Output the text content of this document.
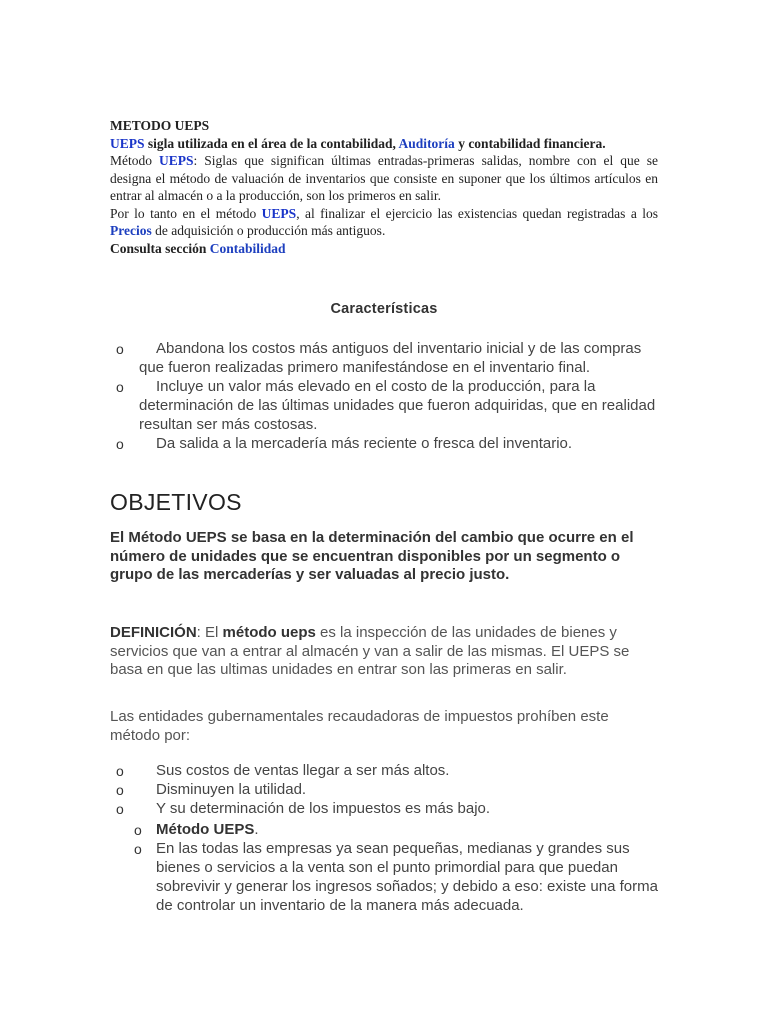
METODO UEPS

UEPS sigla utilizada en el área de la contabilidad, Auditoría y contabilidad financiera.

Método UEPS: Siglas que significan últimas entradas-primeras salidas, nombre con el que se designa el método de valuación de inventarios que consiste en suponer que los últimos artículos en entrar al almacén o a la producción, son los primeros en salir.

Por lo tanto en el método UEPS, al finalizar el ejercicio las existencias quedan registradas a los Precios de adquisición o producción más antiguos.

Consulta sección Contabilidad

Características
o	Abandona los costos más antiguos del inventario inicial y de las compras que fueron realizadas primero manifestándose en el inventario final.
o	Incluye un valor más elevado en el costo de la producción, para la determinación de las últimas unidades que fueron adquiridas, que en realidad resultan ser más costosas.
o	Da salida a la mercadería más reciente o fresca del inventario.
OBJETIVOS

El Método UEPS se basa en la determinación del cambio que ocurre en el número de unidades que se encuentran disponibles por un segmento o grupo de las mercaderías y ser valuadas al precio justo.

DEFINICIÓN: El método ueps es la inspección de las unidades de bienes y servicios que van a entrar al almacén y van a salir de las mismas. El UEPS se basa en que las ultimas unidades en entrar son las primeras en salir.

Las entidades gubernamentales recaudadoras de impuestos prohíben este método por:

o Sus costos de ventas llegar a ser más altos.
o Disminuyen la utilidad.
o Y su determinación de los impuestos es más bajo.
o Método UEPS.
o En las todas las empresas ya sean pequeñas, medianas y grandes sus bienes o servicios a la venta son el punto primordial para que puedan sobrevivir y generar los ingresos soñados; y debido a eso: existe una forma de controlar un inventario de la manera más adecuada.
